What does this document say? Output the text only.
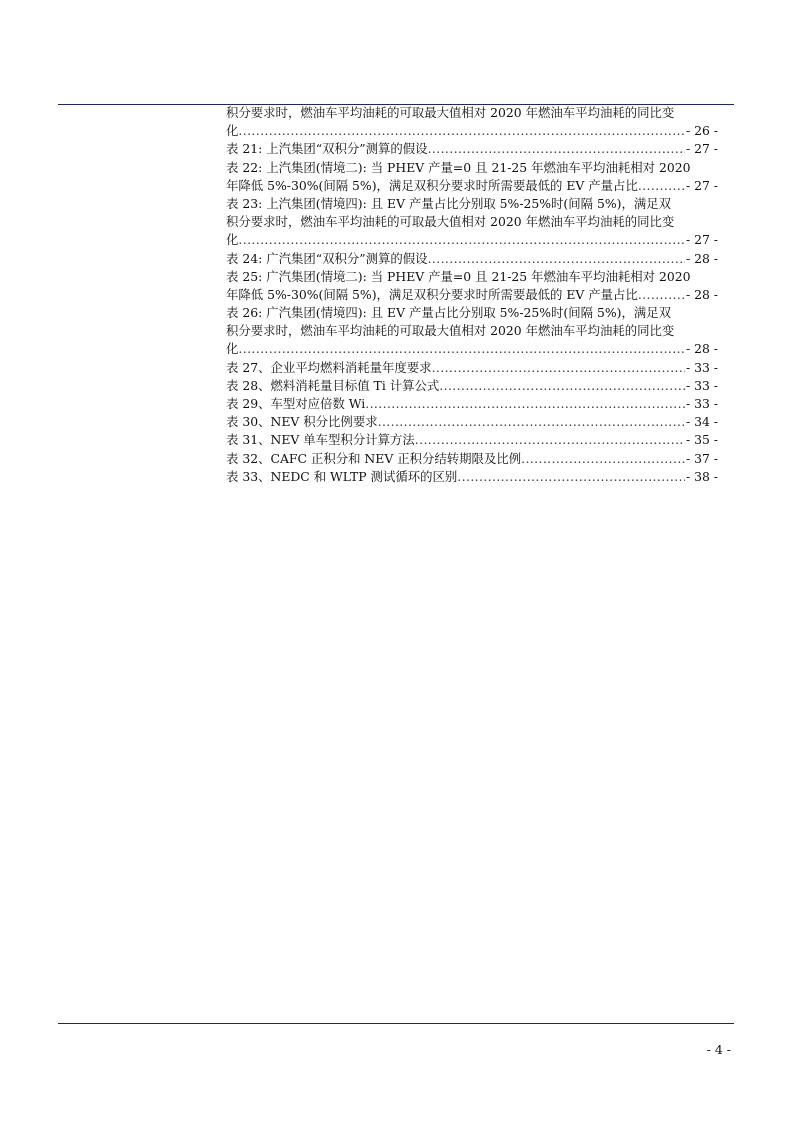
积分要求时，燃油车平均油耗的可取最大值相对 2020 年燃油车平均油耗的同比变
化 .....	- 26 -
表 21: 上汽集团“双积分”测算的假设 .....	- 27 -
表 22: 上汽集团(情境二): 当 PHEV 产量=0 且 21-25 年燃油车平均油耗相对 2020
年降低 5%-30%(间隔 5%)，满足双积分要求时所需要最低的 EV 产量占比 .....	- 27 -
表 23: 上汽集团(情境四): 且 EV 产量占比分别取 5%-25%时(间隔 5%)，满足双
积分要求时，燃油车平均油耗的可取最大值相对 2020 年燃油车平均油耗的同比变
化 .....	- 27 -
表 24: 广汽集团“双积分”测算的假设 .....	- 28 -
表 25: 广汽集团(情境二): 当 PHEV 产量=0 且 21-25 年燃油车平均油耗相对 2020
年降低 5%-30%(间隔 5%)，满足双积分要求时所需要最低的 EV 产量占比 .....	- 28 -
表 26: 广汽集团(情境四): 且 EV 产量占比分别取 5%-25%时(间隔 5%)，满足双
积分要求时，燃油车平均油耗的可取最大值相对 2020 年燃油车平均油耗的同比变
化 .....	- 28 -
表 27、企业平均燃料消耗量年度要求 .....	- 33 -
表 28、燃料消耗量目标值 Ti 计算公式 .....	- 33 -
表 29、车型对应倍数 Wi .....	- 33 -
表 30、NEV 积分比例要求 .....	- 34 -
表 31、NEV 单车型积分计算方法 .....	- 35 -
表 32、CAFC 正积分和 NEV 正积分结转期限及比例 .....	- 37 -
表 33、NEDC 和 WLTP 测试循环的区别 .....	- 38 -
- 4 -
